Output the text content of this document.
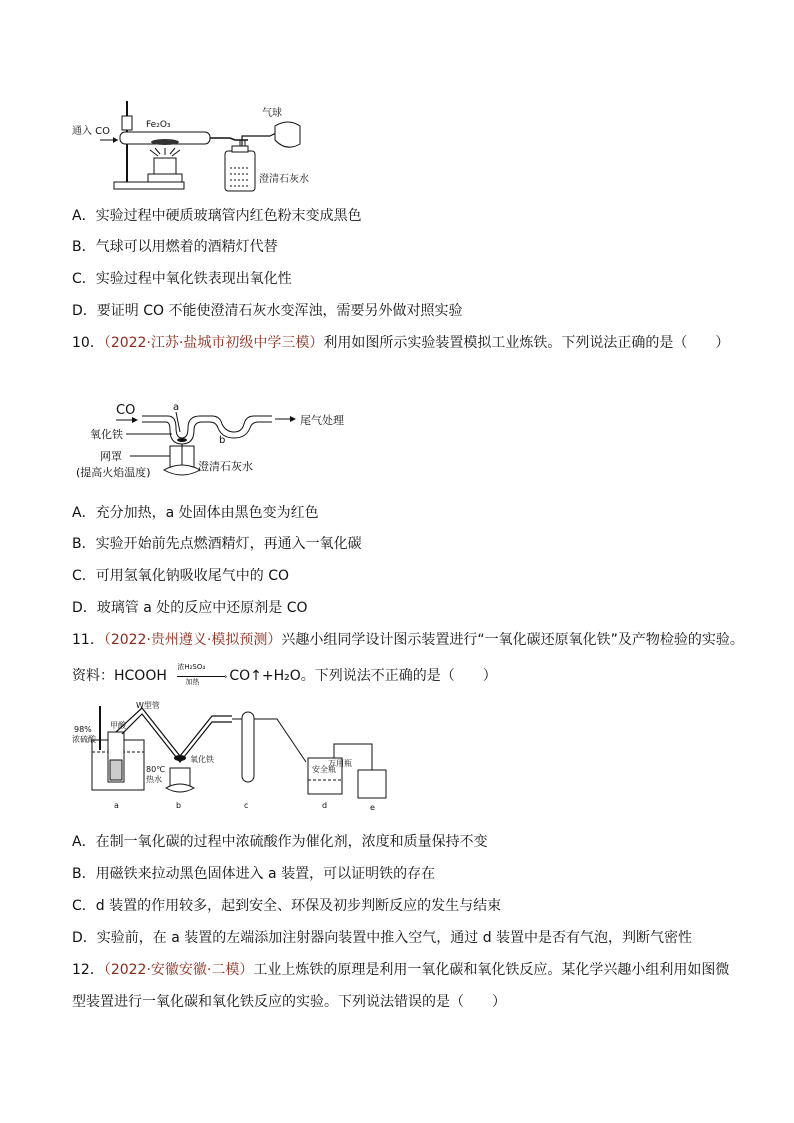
通入 CO
Fe₂O₃
气球
澄清石灰水
A．实验过程中硬质玻璃管内红色粉末变成黑色
B．气球可以用燃着的酒精灯代替
C．实验过程中氧化铁表现出氧化性
D．要证明 CO 不能使澄清石灰水变浑浊，需要另外做对照实验
10．（2022·江苏·盐城市初级中学三模）利用如图所示实验装置模拟工业炼铁。下列说法正确的是（　　）
CO	a
b
尾气处理
氧化铁
网罩
(提高火焰温度)	澄清石灰水
A．充分加热，a 处固体由黑色变为红色
B．实验开始前先点燃酒精灯，再通入一氧化碳
C．可用氢氧化钠吸收尾气中的 CO
D．玻璃管 a 处的反应中还原剂是 CO
11．（2022·贵州遵义·模拟预测）兴趣小组同学设计图示装置进行“一氧化碳还原氧化铁”及产物检验的实验。
资料：HCOOH
浓H₂SO₄
›
加热 CO↑+H₂O。下列说法不正确的是（　　）
98%
浓硫酸
甲酸
80℃
热水
a
W型管
氧化铁
b	c
安全瓶
万用瓶
d	e
A．在制一氧化碳的过程中浓硫酸作为催化剂，浓度和质量保持不变
B．用磁铁来拉动黑色固体进入 a 装置，可以证明铁的存在
C．d 装置的作用较多，起到安全、环保及初步判断反应的发生与结束
D．实验前，在 a 装置的左端添加注射器向装置中推入空气，通过 d 装置中是否有气泡，判断气密性
12．（2022·安徽安徽·二模）工业上炼铁的原理是利用一氧化碳和氧化铁反应。某化学兴趣小组利用如图微
型装置进行一氧化碳和氧化铁反应的实验。下列说法错误的是（　　）
